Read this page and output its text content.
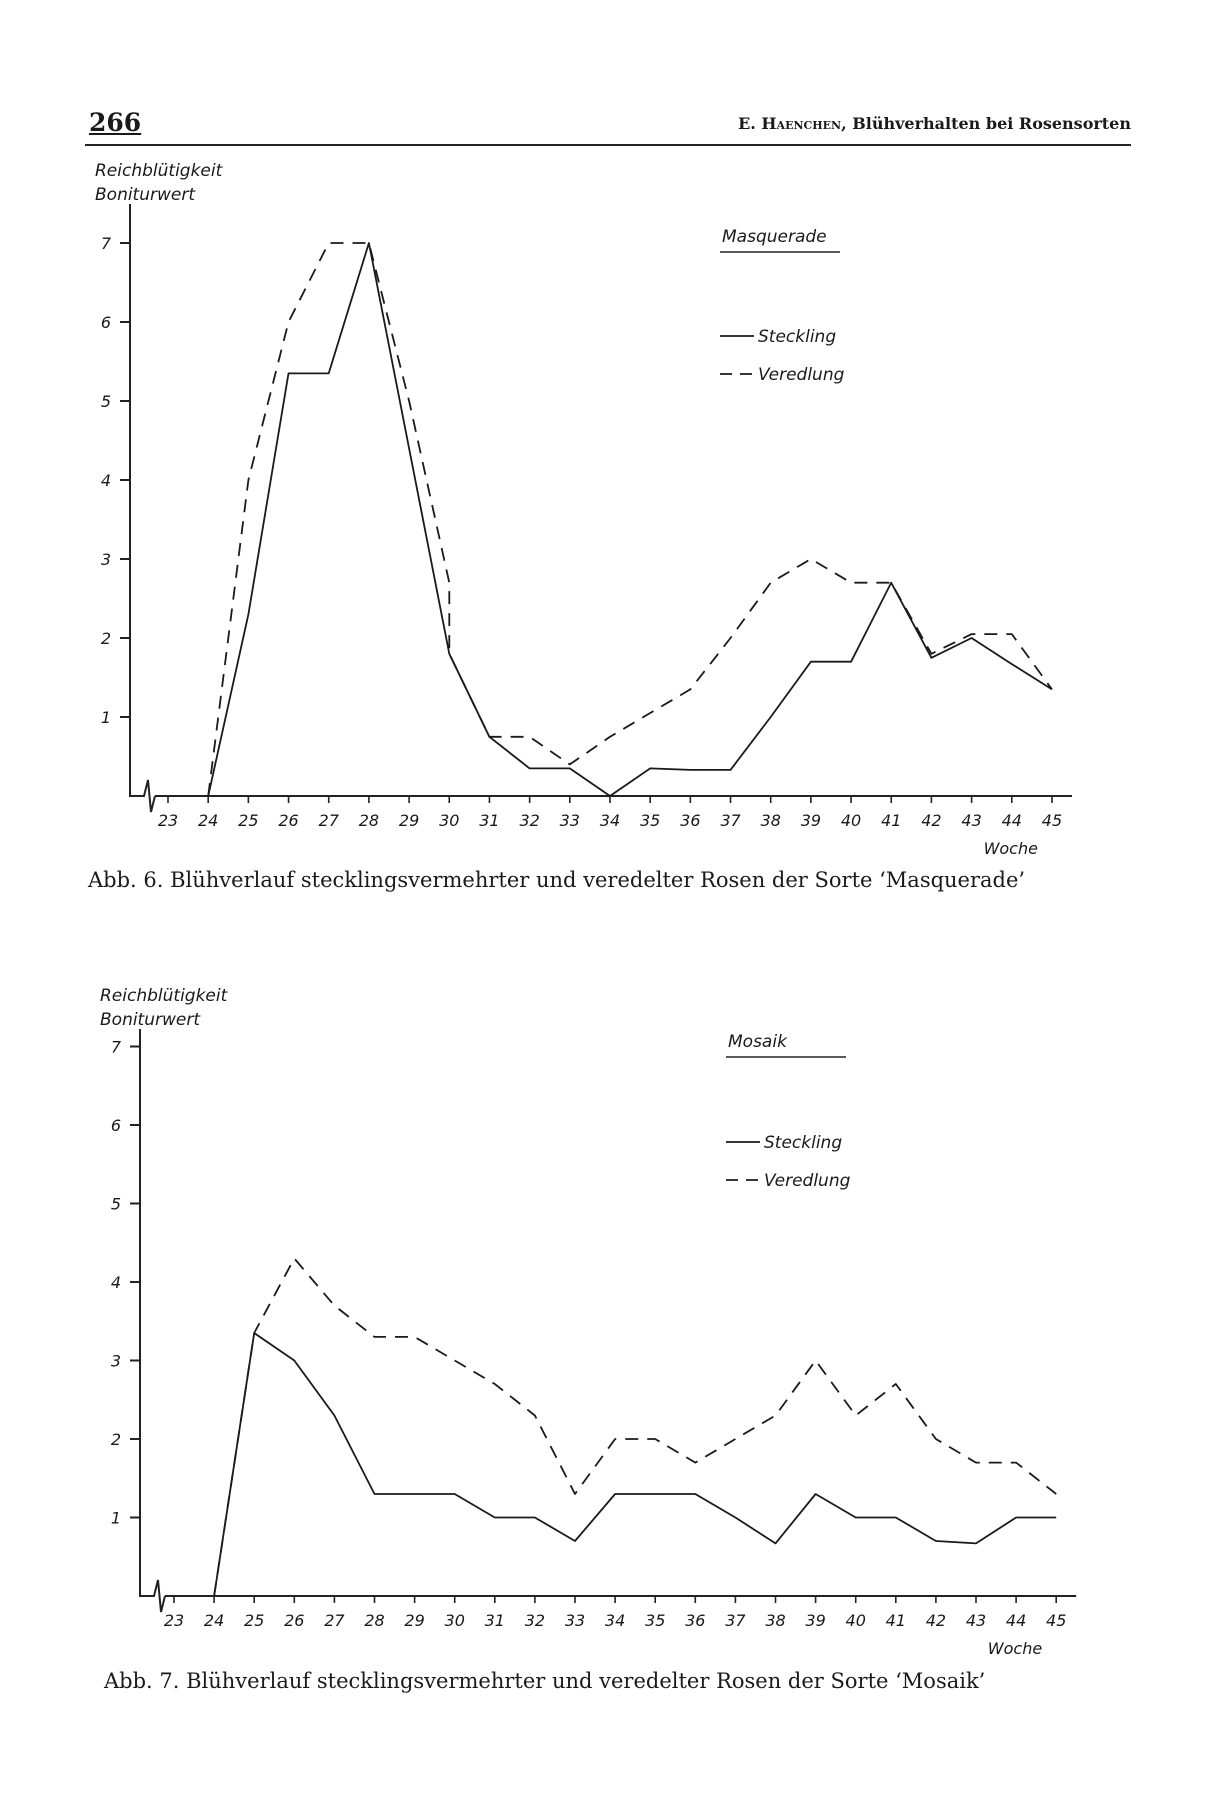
266	E. Haenchen, Blühverhalten bei Rosensorten
Reichblütigkeit
Boniturwert
1
2
3
4
5
6
7
23 24 25 26 27 28 29 30 31 32 33 34 35 36 37 38 39 40 41 42 43 44 45
Woche
Masquerade
Steckling
Veredlung
Abb. 6. Blühverlauf stecklingsvermehrter und veredelter Rosen der Sorte ‘Masquerade’
Reichblütigkeit
Boniturwert
1
2
3
4
5
6
7
23 24 25 26 27 28 29 30 31 32 33 34 35 36 37 38 39 40 41 42 43 44 45
Woche
Mosaik
Steckling
Veredlung
Abb. 7. Blühverlauf stecklingsvermehrter und veredelter Rosen der Sorte ‘Mosaik’
